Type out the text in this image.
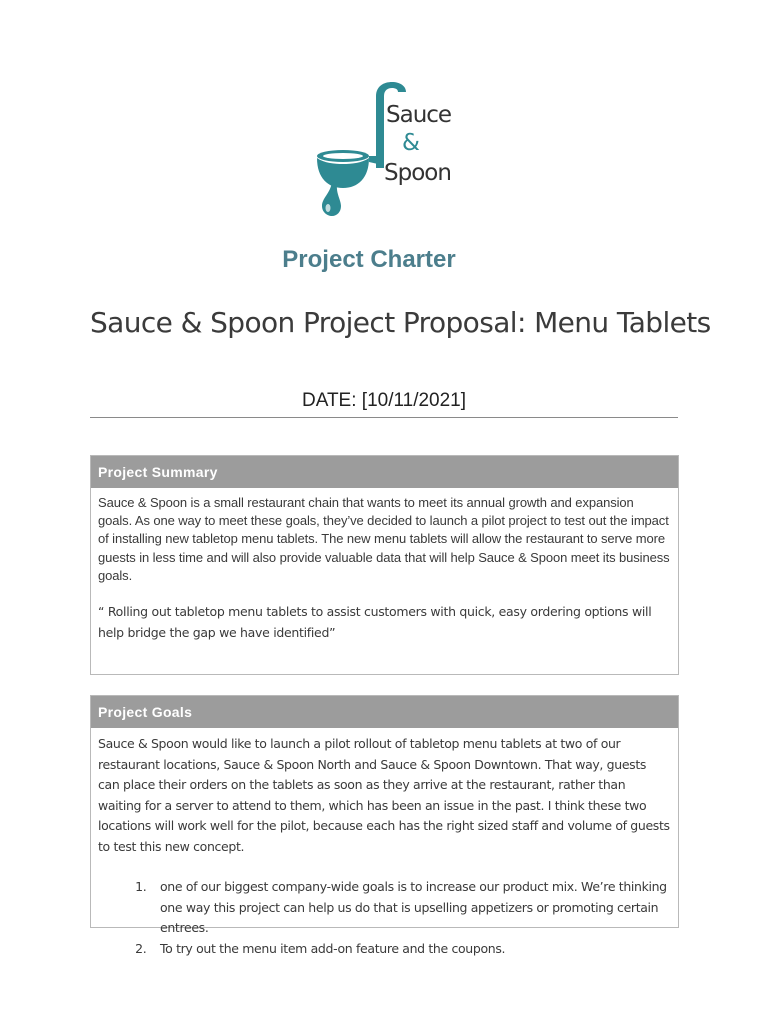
Sauce
&
Spoon
Project Charter
Sauce & Spoon Project Proposal: Menu Tablets
DATE: [10/11/2021]
Project Summary

Sauce & Spoon is a small restaurant chain that wants to meet its annual growth and expansion goals. As one way to meet these goals, they’ve decided to launch a pilot project to test out the impact of installing new tabletop menu tablets. The new menu tablets will allow the restaurant to serve more guests in less time and will also provide valuable data that will help Sauce & Spoon meet its business goals.

“ Rolling out tabletop menu tablets to assist customers with quick, easy ordering options will help bridge the gap we have identified”

Project Goals

Sauce & Spoon would like to launch a pilot rollout of tabletop menu tablets at two of our restaurant locations, Sauce & Spoon North and Sauce & Spoon Downtown. That way, guests can place their orders on the tablets as soon as they arrive at the restaurant, rather than waiting for a server to attend to them, which has been an issue in the past. I think these two locations will work well for the pilot, because each has the right sized staff and volume of guests to test this new concept.

1. one of our biggest company-wide goals is to increase our product mix. We’re thinking one way this project can help us do that is upselling appetizers or promoting certain entrees.
2. To try out the menu item add-on feature and the coupons.
